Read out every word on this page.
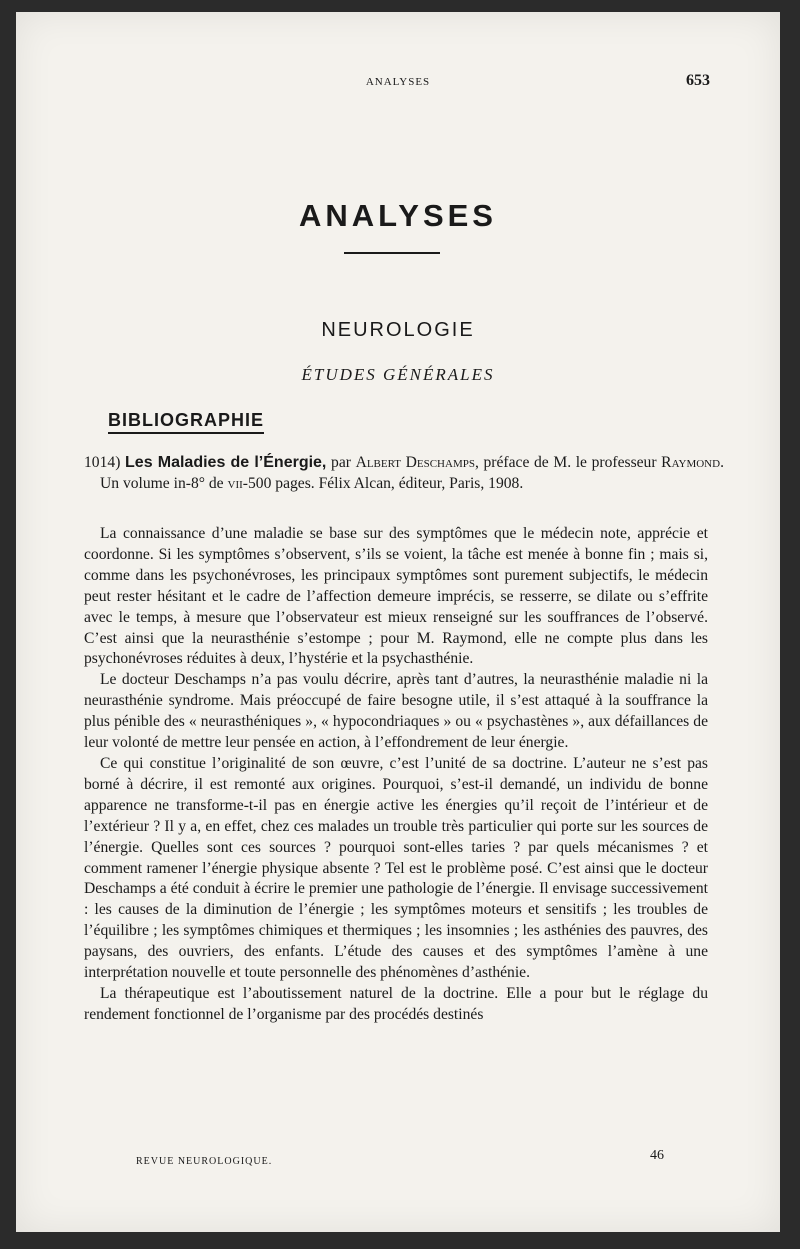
ANALYSES	653
ANALYSES
NEUROLOGIE
ÉTUDES GÉNÉRALES
BIBLIOGRAPHIE
1014) Les Maladies de l’Énergie, par Albert Deschamps, préface de M. le professeur Raymond. Un volume in-8° de vii-500 pages. Félix Alcan, éditeur, Paris, 1908.

La connaissance d’une maladie se base sur des symptômes que le médecin note, apprécie et coordonne. Si les symptômes s’observent, s’ils se voient, la tâche est menée à bonne fin ; mais si, comme dans les psychonévroses, les principaux symptômes sont purement subjectifs, le médecin peut rester hésitant et le cadre de l’affection demeure imprécis, se resserre, se dilate ou s’effrite avec le temps, à mesure que l’observateur est mieux renseigné sur les souffrances de l’observé. C’est ainsi que la neurasthénie s’estompe ; pour M. Raymond, elle ne compte plus dans les psychonévroses réduites à deux, l’hystérie et la psychasthénie.

Le docteur Deschamps n’a pas voulu décrire, après tant d’autres, la neurasthénie maladie ni la neurasthénie syndrome. Mais préoccupé de faire besogne utile, il s’est attaqué à la souffrance la plus pénible des « neurasthéniques », « hypocondriaques » ou « psychastènes », aux défaillances de leur volonté de mettre leur pensée en action, à l’effondrement de leur énergie.

Ce qui constitue l’originalité de son œuvre, c’est l’unité de sa doctrine. L’auteur ne s’est pas borné à décrire, il est remonté aux origines. Pourquoi, s’est-il demandé, un individu de bonne apparence ne transforme-t-il pas en énergie active les énergies qu’il reçoit de l’intérieur et de l’extérieur ? Il y a, en effet, chez ces malades un trouble très particulier qui porte sur les sources de l’énergie. Quelles sont ces sources ? pourquoi sont-elles taries ? par quels mécanismes ? et comment ramener l’énergie physique absente ? Tel est le problème posé. C’est ainsi que le docteur Deschamps a été conduit à écrire le premier une pathologie de l’énergie. Il envisage successivement : les causes de la diminution de l’énergie ; les symptômes moteurs et sensitifs ; les troubles de l’équilibre ; les symptômes chimiques et thermiques ; les insomnies ; les asthénies des pauvres, des paysans, des ouvriers, des enfants. L’étude des causes et des symptômes l’amène à une interprétation nouvelle et toute personnelle des phénomènes d’asthénie.

La thérapeutique est l’aboutissement naturel de la doctrine. Elle a pour but le réglage du rendement fonctionnel de l’organisme par des procédés destinés

REVUE NEUROLOGIQUE.	46
